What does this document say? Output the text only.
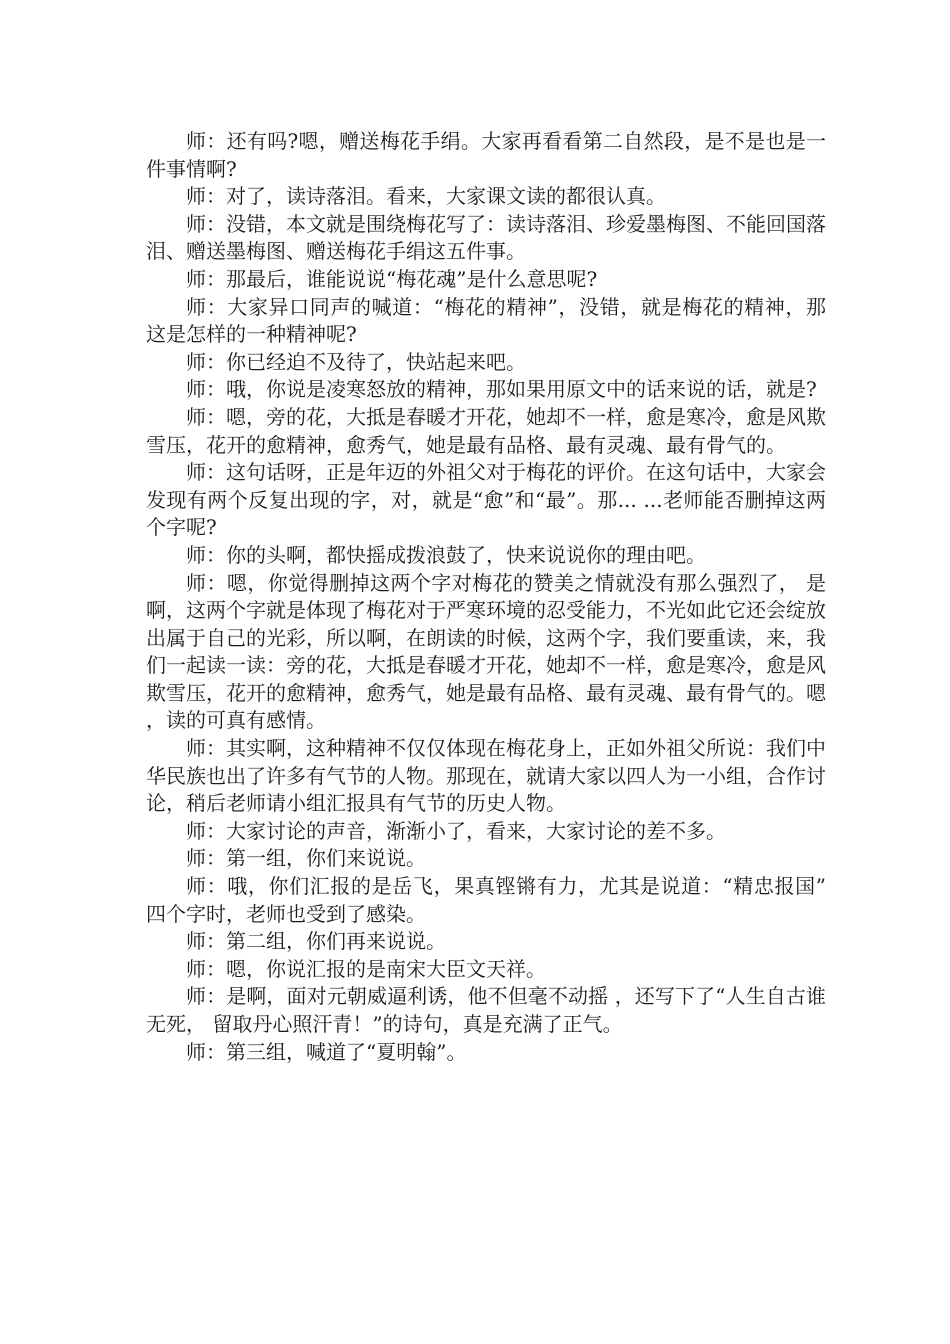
师：还有吗?嗯，赠送梅花手绢。大家再看看第二自然段，是不是也是一件事情啊?

师：对了，读诗落泪。看来，大家课文读的都很认真。

师：没错，本文就是围绕梅花写了：读诗落泪、珍爱墨梅图、不能回国落泪、赠送墨梅图、赠送梅花手绢这五件事。

师：那最后，谁能说说“梅花魂”是什么意思呢?

师：大家异口同声的喊道：“梅花的精神”，没错，就是梅花的精神，那这是怎样的一种精神呢?

师：你已经迫不及待了，快站起来吧。

师：哦，你说是凌寒怒放的精神，那如果用原文中的话来说的话，就是?

师：嗯，旁的花，大抵是春暖才开花，她却不一样，愈是寒冷，愈是风欺雪压，花开的愈精神，愈秀气，她是最有品格、最有灵魂、最有骨气的。

师：这句话呀，正是年迈的外祖父对于梅花的评价。在这句话中，大家会发现有两个反复出现的字，对，就是“愈”和“最”。那... ...老师能否删掉这两个字呢?

师：你的头啊，都快摇成拨浪鼓了，快来说说你的理由吧。

师：嗯，你觉得删掉这两个字对梅花的赞美之情就没有那么强烈了， 是啊，这两个字就是体现了梅花对于严寒环境的忍受能力，不光如此它还会绽放出属于自己的光彩，所以啊，在朗读的时候，这两个字，我们要重读，来，我们一起读一读：旁的花，大抵是春暖才开花，她却不一样，愈是寒冷，愈是风欺雪压，花开的愈精神，愈秀气，她是最有品格、最有灵魂、最有骨气的。嗯，读的可真有感情。

师：其实啊，这种精神不仅仅体现在梅花身上，正如外祖父所说：我们中华民族也出了许多有气节的人物。那现在，就请大家以四人为一小组，合作讨论，稍后老师请小组汇报具有气节的历史人物。

师：大家讨论的声音，渐渐小了，看来，大家讨论的差不多。

师：第一组，你们来说说。

师：哦，你们汇报的是岳飞，果真铿锵有力，尤其是说道：“精忠报国”四个字时，老师也受到了感染。

师：第二组，你们再来说说。

师：嗯，你说汇报的是南宋大臣文天祥。

师：是啊，面对元朝威逼利诱，他不但毫不动摇 ，还写下了“人生自古谁无死， 留取丹心照汗青！”的诗句，真是充满了正气。

师：第三组，喊道了“夏明翰”。
